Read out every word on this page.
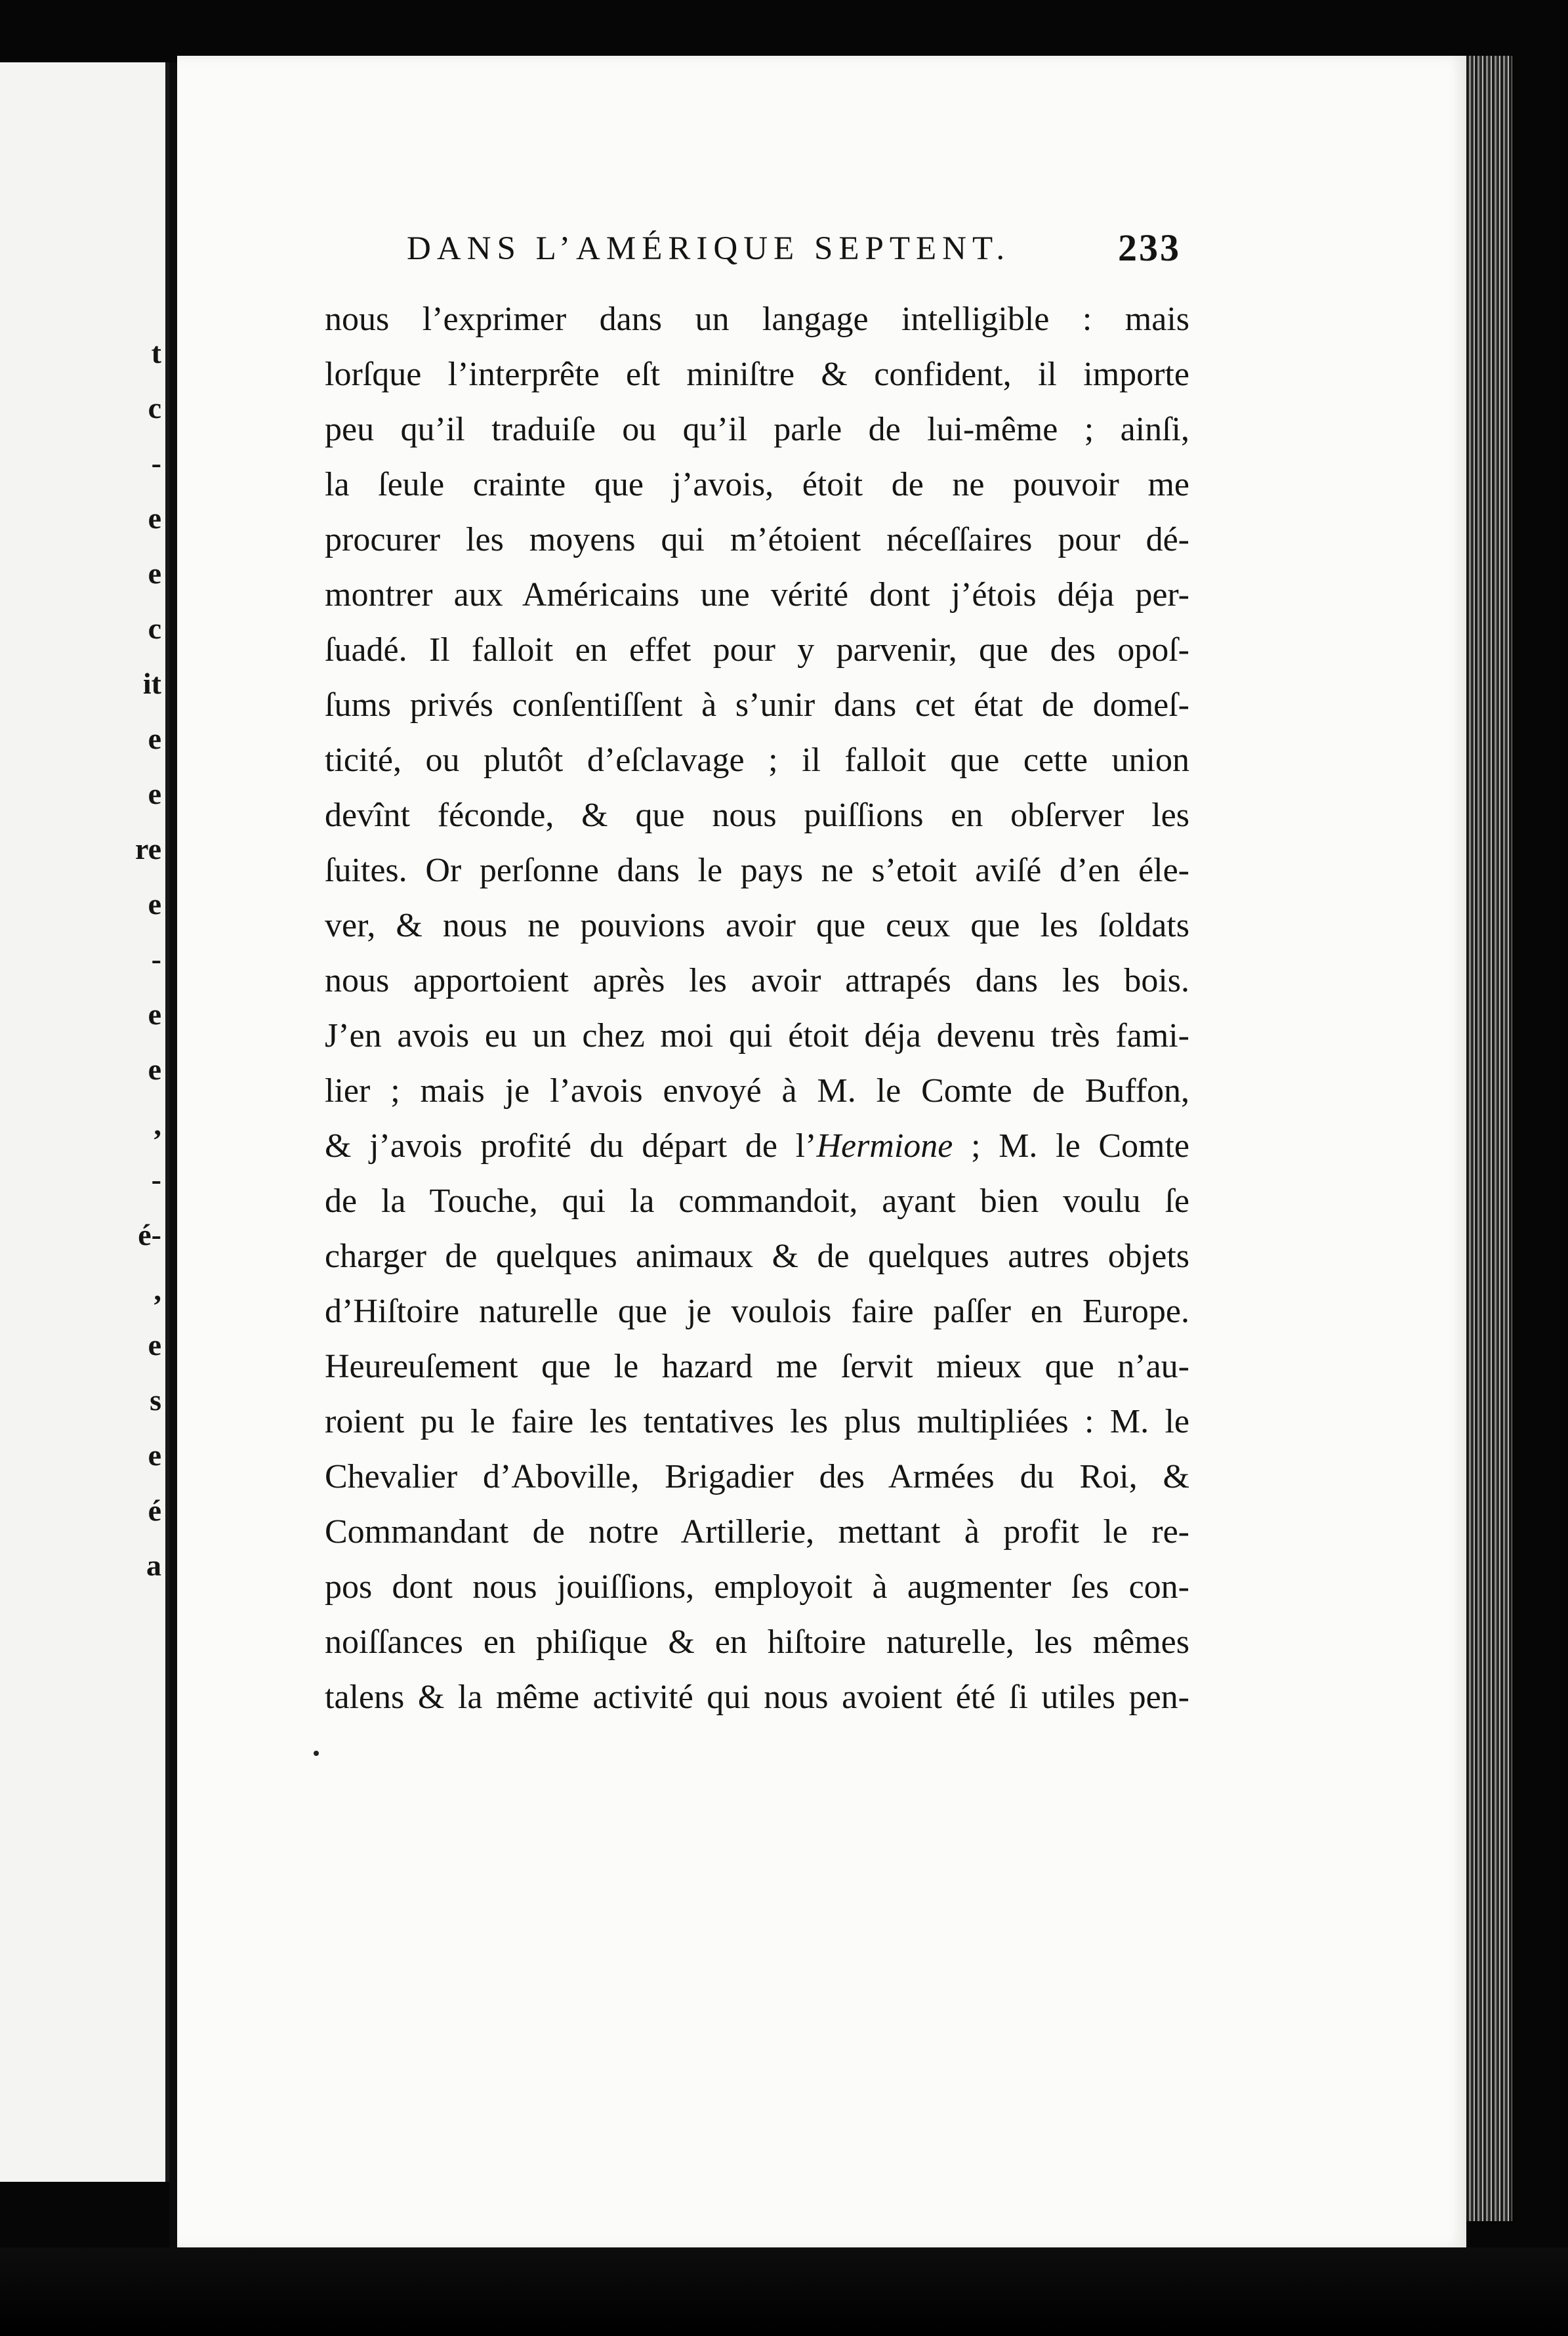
t
c
-
e
e
c
it
e
e
re
e
-
e
e
,
-
é-
,
e
s
e
é
a
DANS L’AMÉRIQUE SEPTENT.	233
nous l’exprimer dans un langage intelligible : mais
lorſque l’interprête eſt miniſtre & confident, il importe
peu qu’il traduiſe ou qu’il parle de lui-même ; ainſi,
la ſeule crainte que j’avois, étoit de ne pouvoir me
procurer les moyens qui m’étoient néceſſaires pour dé-
montrer aux Américains une vérité dont j’étois déja per-
ſuadé. Il falloit en effet pour y parvenir, que des opoſ-
ſums privés conſentiſſent à s’unir dans cet état de domeſ-
ticité, ou plutôt d’eſclavage ; il falloit que cette union
devînt féconde, & que nous puiſſions en obſerver les
ſuites. Or perſonne dans le pays ne s’etoit aviſé d’en éle-
ver, & nous ne pouvions avoir que ceux que les ſoldats
nous apportoient après les avoir attrapés dans les bois.
J’en avois eu un chez moi qui étoit déja devenu très fami-
lier ; mais je l’avois envoyé à M. le Comte de Buffon,
& j’avois profité du départ de l’Hermione ; M. le Comte
de la Touche, qui la commandoit, ayant bien voulu ſe
charger de quelques animaux & de quelques autres objets
d’Hiſtoire naturelle que je voulois faire paſſer en Europe.
Heureuſement que le hazard me ſervit mieux que n’au-
roient pu le faire les tentatives les plus multipliées : M. le
Chevalier d’Aboville, Brigadier des Armées du Roi, &
Commandant de notre Artillerie, mettant à profit le re-
pos dont nous jouiſſions, employoit à augmenter ſes con-
noiſſances en phiſique & en hiſtoire naturelle, les mêmes
talens & la même activité qui nous avoient été ſi utiles pen-
